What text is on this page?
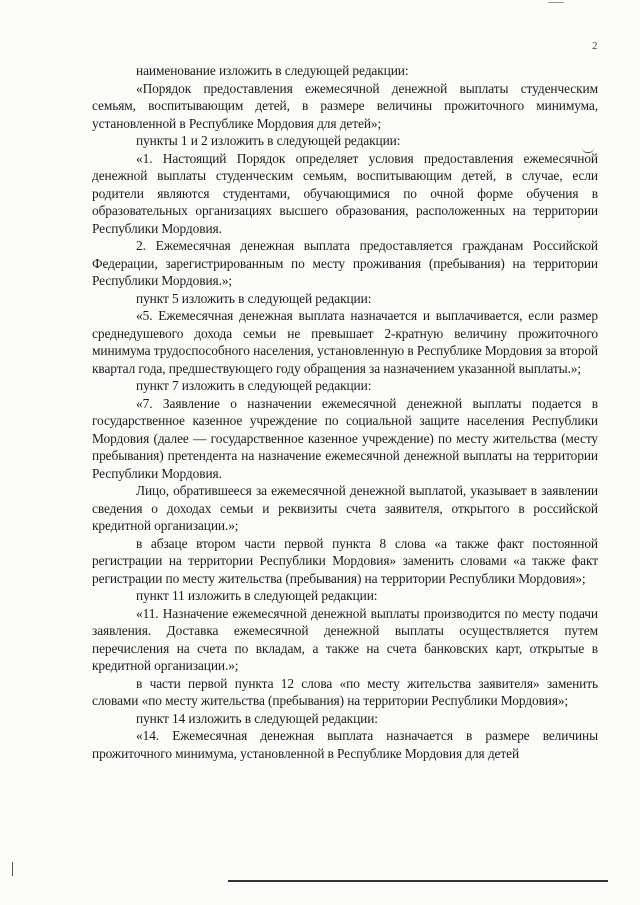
2

наименование изложить в следующей редакции:

«Порядок предоставления ежемесячной денежной выплаты студенческим семьям, воспитывающим детей, в размере величины прожиточного минимума, установленной в Республике Мордовия для детей»;

пункты 1 и 2 изложить в следующей редакции:

«1. Настоящий Порядок определяет условия предоставления ежемесячной денежной выплаты студенческим семьям, воспитывающим детей, в случае, если родители являются студентами, обучающимися по очной форме обучения в образовательных организациях высшего образования, расположенных на территории Республики Мордовия.

2. Ежемесячная денежная выплата предоставляется гражданам Российской Федерации, зарегистрированным по месту проживания (пребывания) на территории Республики Мордовия.»;

пункт 5 изложить в следующей редакции:

«5. Ежемесячная денежная выплата назначается и выплачивается, если размер среднедушевого дохода семьи не превышает 2-кратную величину прожиточного минимума трудоспособного населения, установленную в Республике Мордовия за второй квартал года, предшествующего году обращения за назначением указанной выплаты.»;

пункт 7 изложить в следующей редакции:

«7. Заявление о назначении ежемесячной денежной выплаты подается в государственное казенное учреждение по социальной защите населения Республики Мордовия (далее — государственное казенное учреждение) по месту жительства (месту пребывания) претендента на назначение ежемесячной денежной выплаты на территории Республики Мордовия.

Лицо, обратившееся за ежемесячной денежной выплатой, указывает в заявлении сведения о доходах семьи и реквизиты счета заявителя, открытого в российской кредитной организации.»;

в абзаце втором части первой пункта 8 слова «а также факт постоянной регистрации на территории Республики Мордовия» заменить словами «а также факт регистрации по месту жительства (пребывания) на территории Республики Мордовия»;

пункт 11 изложить в следующей редакции:

«11. Назначение ежемесячной денежной выплаты производится по месту подачи заявления. Доставка ежемесячной денежной выплаты осуществляется путем перечисления на счета по вкладам, а также на счета банковских карт, открытые в кредитной организации.»;

в части первой пункта 12 слова «по месту жительства заявителя» заменить словами «по месту жительства (пребывания) на территории Республики Мордовия»;

пункт 14 изложить в следующей редакции:

«14. Ежемесячная денежная выплата назначается в размере величины прожиточного минимума, установленной в Республике Мордовия для детей
